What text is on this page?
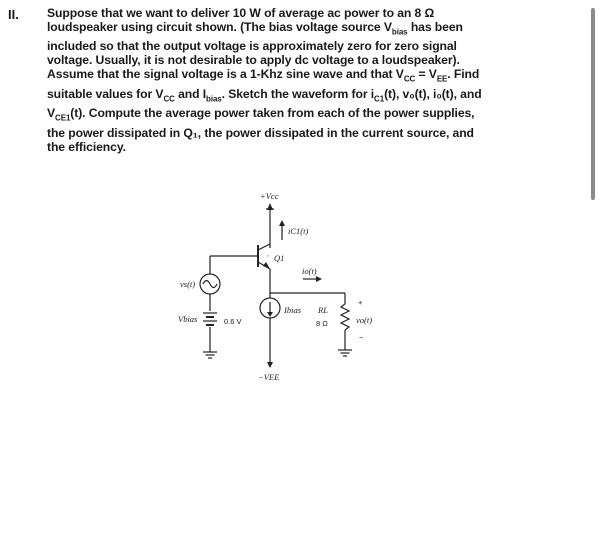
II. Suppose that we want to deliver 10 W of average ac power to an 8 Ω
loudspeaker using circuit shown. (The bias voltage source $V_{bias}$ has been
included so that the output voltage is approximately zero for zero signal
voltage. Usually, it is not desirable to apply dc voltage to a loudspeaker).
Assume that the signal voltage is a 1-Khz sine wave and that $V_{CC} = V_{EE}$. Find
suitable values for $V_{CC}$ and $I_{bias}$. Sketch the waveform for $i_{C1}(t)$, v₀(t), i₀(t), and
$V_{CE1}(t)$. Compute the average power taken from each of the power supplies,
the power dissipated in Q₁, the power dissipated in the current source, and
the efficiency.
+Vcc
iC1(t)
Q1
io(t)
vs(t)
Vbias	0.6 V
Ibias RL
8 Ω
+
vo(t)
−
−VEE
